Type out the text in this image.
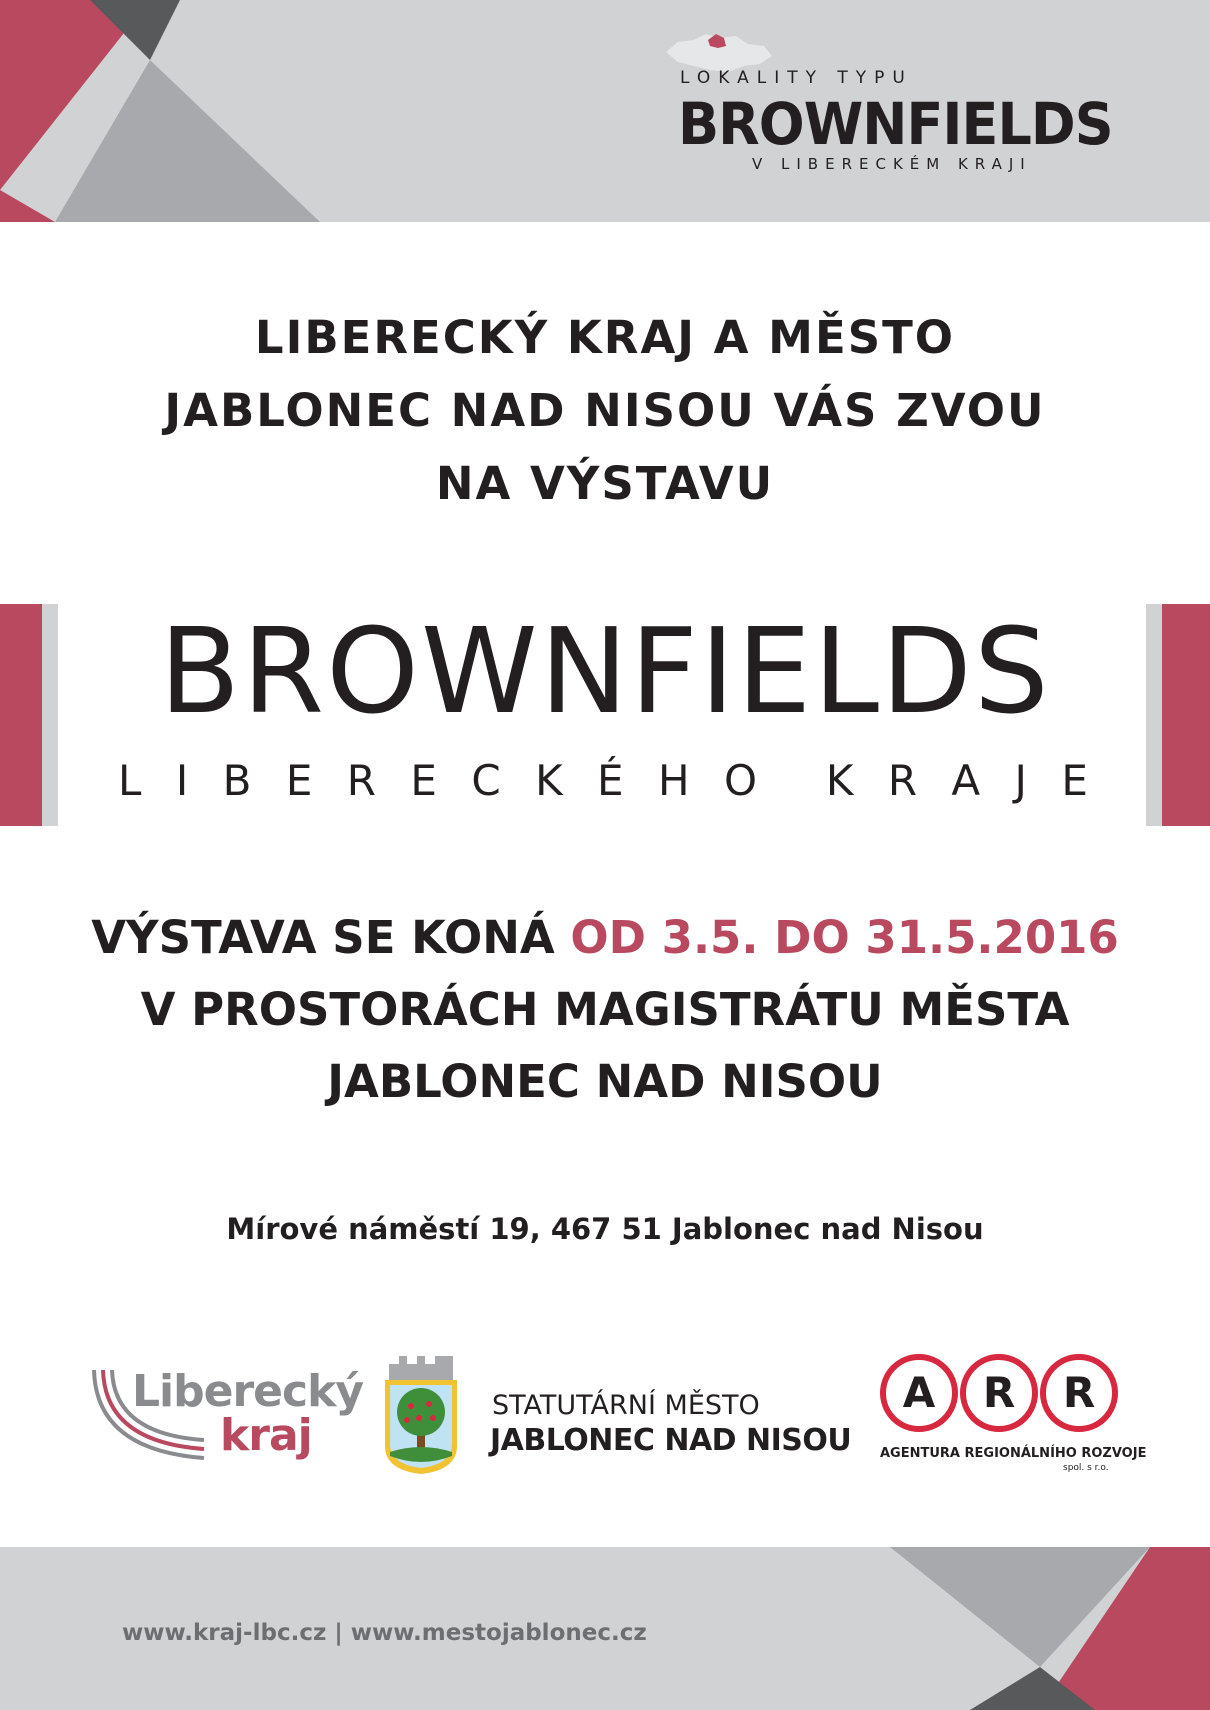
LOKALITY TYPU
BROWNFIELDS
V LIBERECKÉM KRAJI
LIBERECKÝ KRAJ A MĚSTO
JABLONEC NAD NISOU VÁS ZVOU
NA VÝSTAVU
BROWNFIELDS
L I B E R E C K É H O K R A J E
VÝSTAVA SE KONÁ OD 3.5. DO 31.5.2016
V PROSTORÁCH MAGISTRÁTU MĚSTA
JABLONEC NAD NISOU
Mírové náměstí 19, 467 51 Jablonec nad Nisou
Liberecký
kraj
STATUTÁRNÍ MĚSTO
JABLONEC NAD NISOU
A	R	R
AGENTURA REGIONÁLNÍHO ROZVOJE
spol. s r.o.
www.kraj-lbc.cz | www.mestojablonec.cz
